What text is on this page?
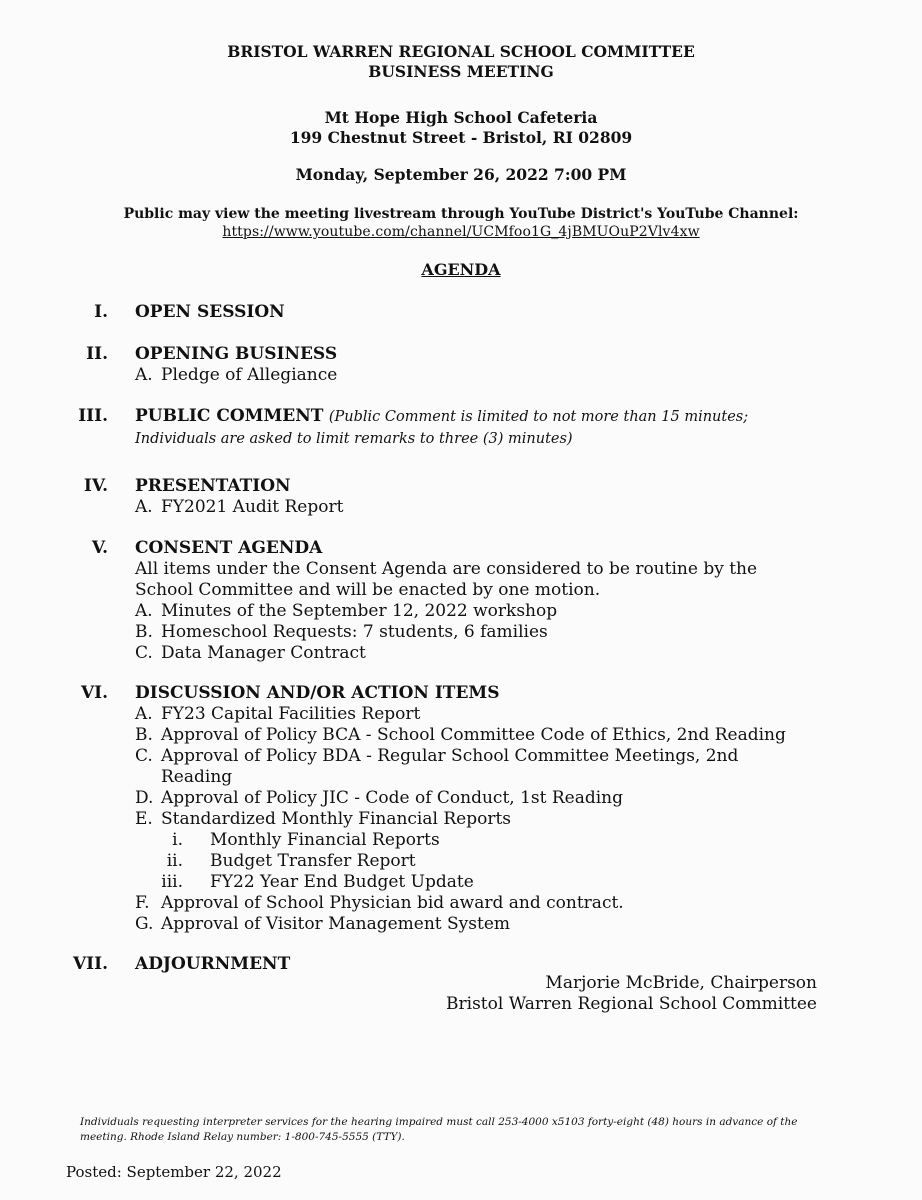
BRISTOL WARREN REGIONAL SCHOOL COMMITTEE
BUSINESS MEETING
Mt Hope High School Cafeteria
199 Chestnut Street - Bristol, RI 02809
Monday, September 26, 2022 7:00 PM
Public may view the meeting livestream through YouTube District's YouTube Channel:
https://www.youtube.com/channel/UCMfoo1G_4jBMUOuP2Vlv4xw
AGENDA
I. OPEN SESSION
II. OPENING BUSINESS
A. Pledge of Allegiance
III. PUBLIC COMMENT (Public Comment is limited to not more than 15 minutes; Individuals are asked to limit remarks to three (3) minutes)
IV. PRESENTATION
A. FY2021 Audit Report
V. CONSENT AGENDA
All items under the Consent Agenda are considered to be routine by the School Committee and will be enacted by one motion.
A. Minutes of the September 12, 2022 workshop
B. Homeschool Requests: 7 students, 6 families
C. Data Manager Contract
VI. DISCUSSION AND/OR ACTION ITEMS
A. FY23 Capital Facilities Report
B. Approval of Policy BCA - School Committee Code of Ethics, 2nd Reading
C. Approval of Policy BDA - Regular School Committee Meetings, 2nd Reading
D. Approval of Policy JIC - Code of Conduct, 1st Reading
E. Standardized Monthly Financial Reports
i. Monthly Financial Reports
ii. Budget Transfer Report
iii. FY22 Year End Budget Update
F. Approval of School Physician bid award and contract.
G. Approval of Visitor Management System
VII. ADJOURNMENT
Marjorie McBride, Chairperson
Bristol Warren Regional School Committee
Individuals requesting interpreter services for the hearing impaired must call 253-4000 x5103 forty-eight (48) hours in advance of the meeting. Rhode Island Relay number: 1-800-745-5555 (TTY).
Posted: September 22, 2022
